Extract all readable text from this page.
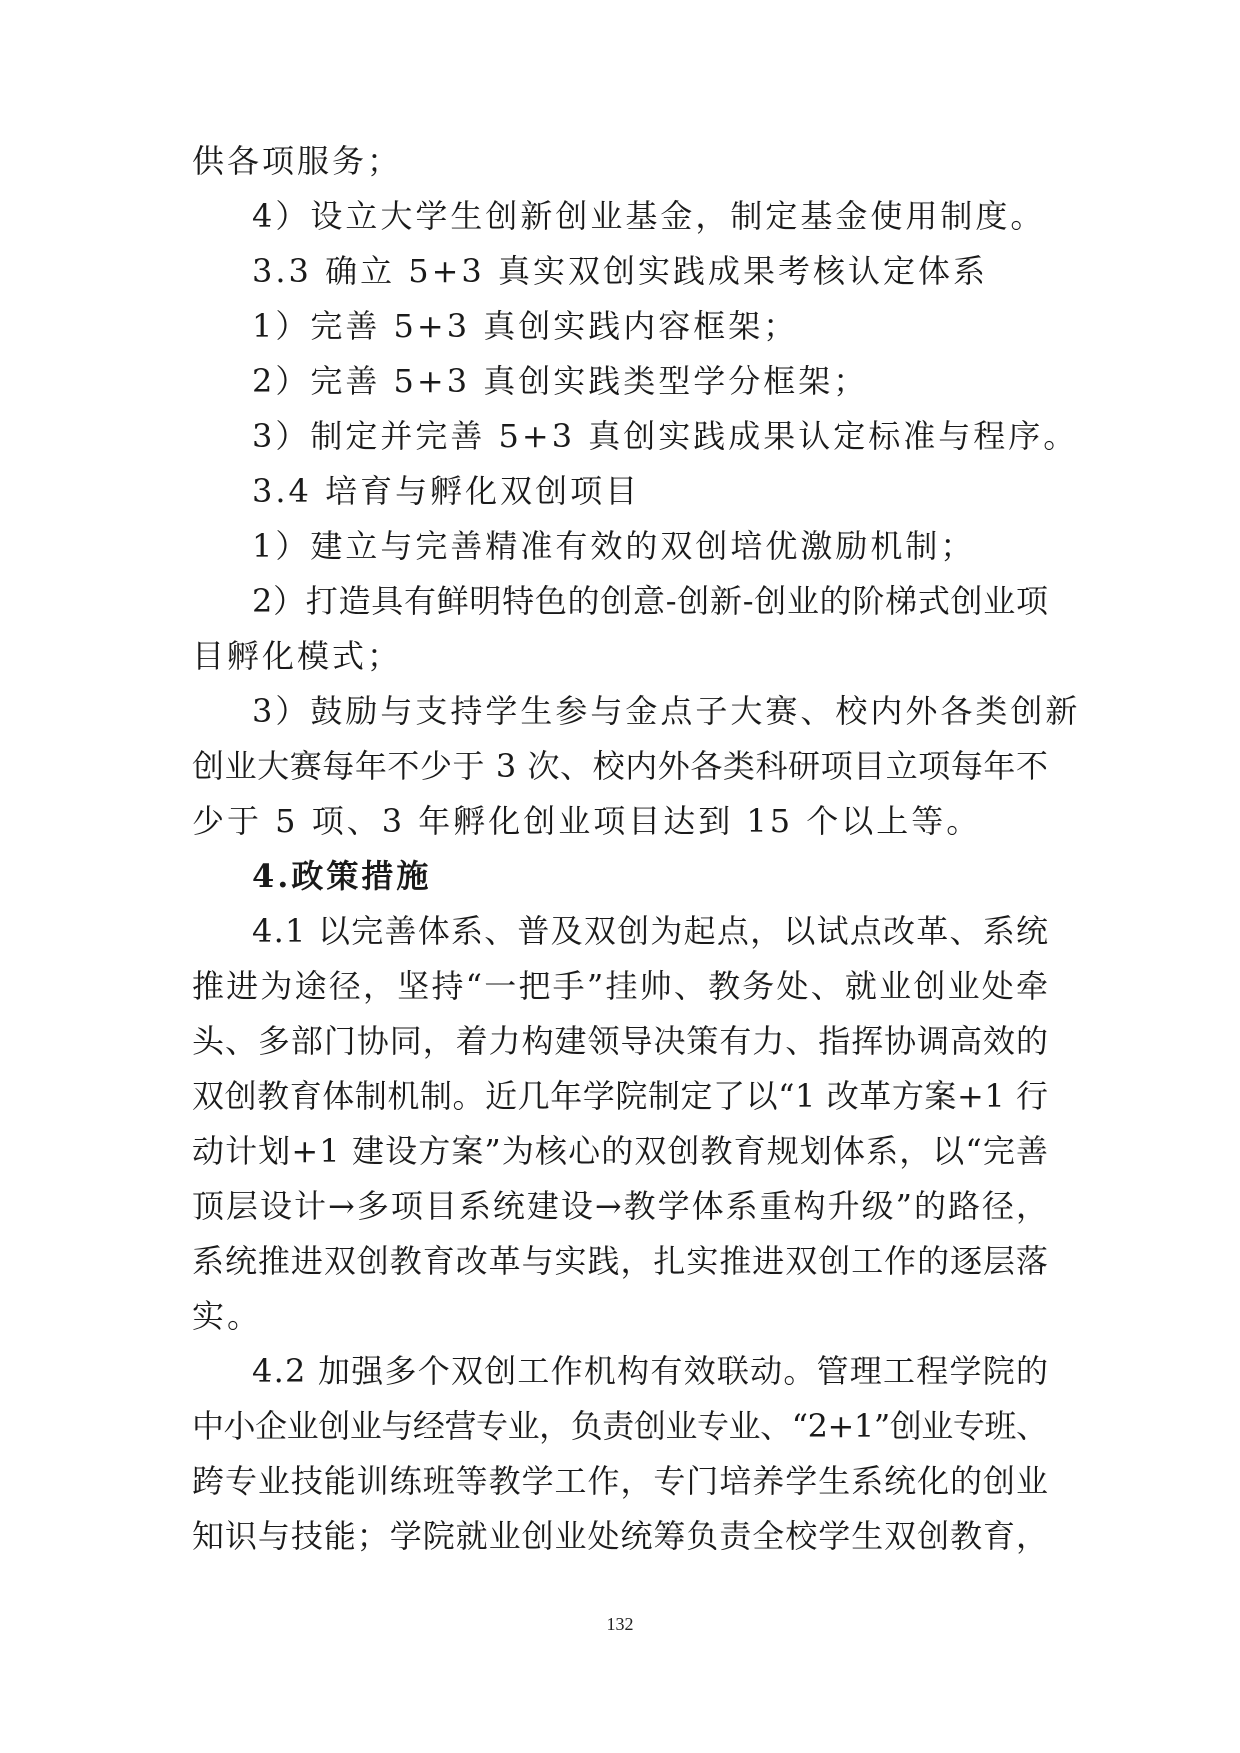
供各项服务；
4）设立大学生创新创业基金，制定基金使用制度。
3.3 确立 5+3 真实双创实践成果考核认定体系
1）完善 5+3 真创实践内容框架；
2）完善 5+3 真创实践类型学分框架；
3）制定并完善 5+3 真创实践成果认定标准与程序。
3.4 培育与孵化双创项目
1）建立与完善精准有效的双创培优激励机制；
2）打造具有鲜明特色的创意-创新-创业的阶梯式创业项
目孵化模式；
3）鼓励与支持学生参与金点子大赛、校内外各类创新
创业大赛每年不少于 3 次、校内外各类科研项目立项每年不
少于 5 项、3 年孵化创业项目达到 15 个以上等。
4.政策措施
4.1 以完善体系、普及双创为起点，以试点改革、系统
推进为途径，坚持“一把手”挂帅、教务处、就业创业处牵
头、多部门协同，着力构建领导决策有力、指挥协调高效的
双创教育体制机制。近几年学院制定了以“1 改革方案+1 行
动计划+1 建设方案”为核心的双创教育规划体系，以“完善
顶层设计→多项目系统建设→教学体系重构升级”的路径，
系统推进双创教育改革与实践，扎实推进双创工作的逐层落
实。
4.2 加强多个双创工作机构有效联动。管理工程学院的
中小企业创业与经营专业，负责创业专业、“2+1”创业专班、
跨专业技能训练班等教学工作，专门培养学生系统化的创业
知识与技能；学院就业创业处统筹负责全校学生双创教育，
132
